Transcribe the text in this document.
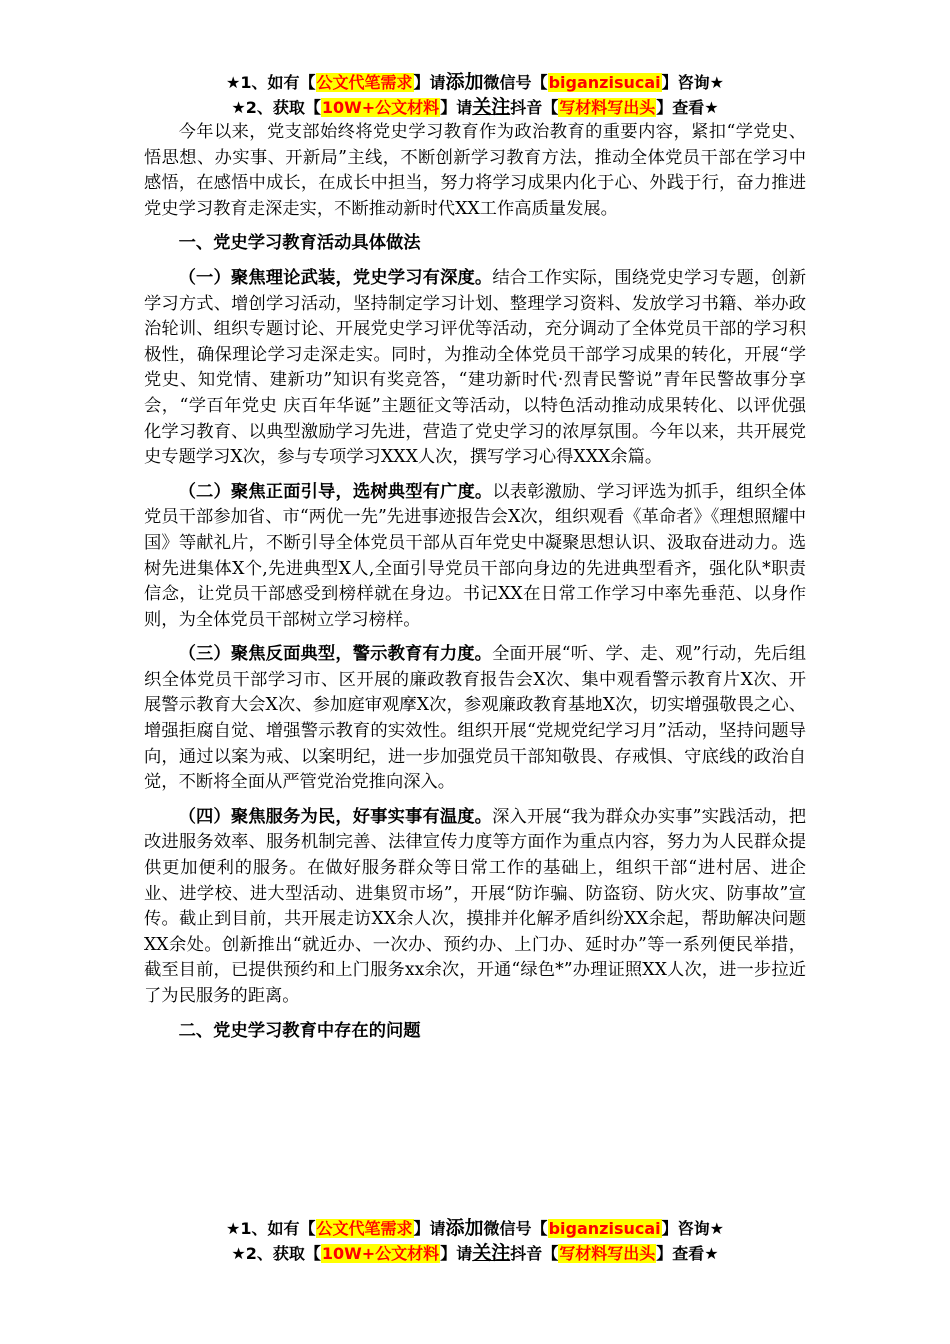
★1、如有【公文代笔需求】请添加微信号【biganzisucai】咨询★
★2、获取【10W+公文材料】请关注抖音【写材料写出头】查看★

今年以来，党支部始终将党史学习教育作为政治教育的重要内容，紧扣“学党史、悟思想、办实事、开新局”主线，不断创新学习教育方法，推动全体党员干部在学习中感悟，在感悟中成长，在成长中担当，努力将学习成果内化于心、外践于行，奋力推进党史学习教育走深走实，不断推动新时代XX工作高质量发展。

一、党史学习教育活动具体做法

（一）聚焦理论武装，党史学习有深度。结合工作实际，围绕党史学习专题，创新学习方式、增创学习活动，坚持制定学习计划、整理学习资料、发放学习书籍、举办政治轮训、组织专题讨论、开展党史学习评优等活动，充分调动了全体党员干部的学习积极性，确保理论学习走深走实。同时，为推动全体党员干部学习成果的转化，开展“学党史、知党情、建新功”知识有奖竞答，“建功新时代·烈青民警说”青年民警故事分享会，“学百年党史 庆百年华诞”主题征文等活动，以特色活动推动成果转化、以评优强化学习教育、以典型激励学习先进，营造了党史学习的浓厚氛围。今年以来，共开展党史专题学习X次，参与专项学习XXX人次，撰写学习心得XXX余篇。

（二）聚焦正面引导，选树典型有广度。以表彰激励、学习评选为抓手，组织全体党员干部参加省、市“两优一先”先进事迹报告会X次，组织观看《革命者》《理想照耀中国》等献礼片，不断引导全体党员干部从百年党史中凝聚思想认识、汲取奋进动力。选树先进集体X个,先进典型X人,全面引导党员干部向身边的先进典型看齐，强化队*职责信念，让党员干部感受到榜样就在身边。书记XX在日常工作学习中率先垂范、以身作则，为全体党员干部树立学习榜样。

（三）聚焦反面典型，警示教育有力度。全面开展“听、学、走、观”行动，先后组织全体党员干部学习市、区开展的廉政教育报告会X次、集中观看警示教育片X次、开展警示教育大会X次、参加庭审观摩X次，参观廉政教育基地X次，切实增强敬畏之心、增强拒腐自觉、增强警示教育的实效性。组织开展“党规党纪学习月”活动，坚持问题导向，通过以案为戒、以案明纪，进一步加强党员干部知敬畏、存戒惧、守底线的政治自觉，不断将全面从严管党治党推向深入。

（四）聚焦服务为民，好事实事有温度。深入开展“我为群众办实事”实践活动，把改进服务效率、服务机制完善、法律宣传力度等方面作为重点内容，努力为人民群众提供更加便利的服务。在做好服务群众等日常工作的基础上，组织干部“进村居、进企业、进学校、进大型活动、进集贸市场”，开展“防诈骗、防盗窃、防火灾、防事故”宣传。截止到目前，共开展走访XX余人次，摸排并化解矛盾纠纷XX余起，帮助解决问题XX余处。创新推出“就近办、一次办、预约办、上门办、延时办”等一系列便民举措，截至目前，已提供预约和上门服务xx余次，开通“绿色*”办理证照XX人次，进一步拉近了为民服务的距离。

二、党史学习教育中存在的问题
★1、如有【公文代笔需求】请添加微信号【biganzisucai】咨询★
★2、获取【10W+公文材料】请关注抖音【写材料写出头】查看★
